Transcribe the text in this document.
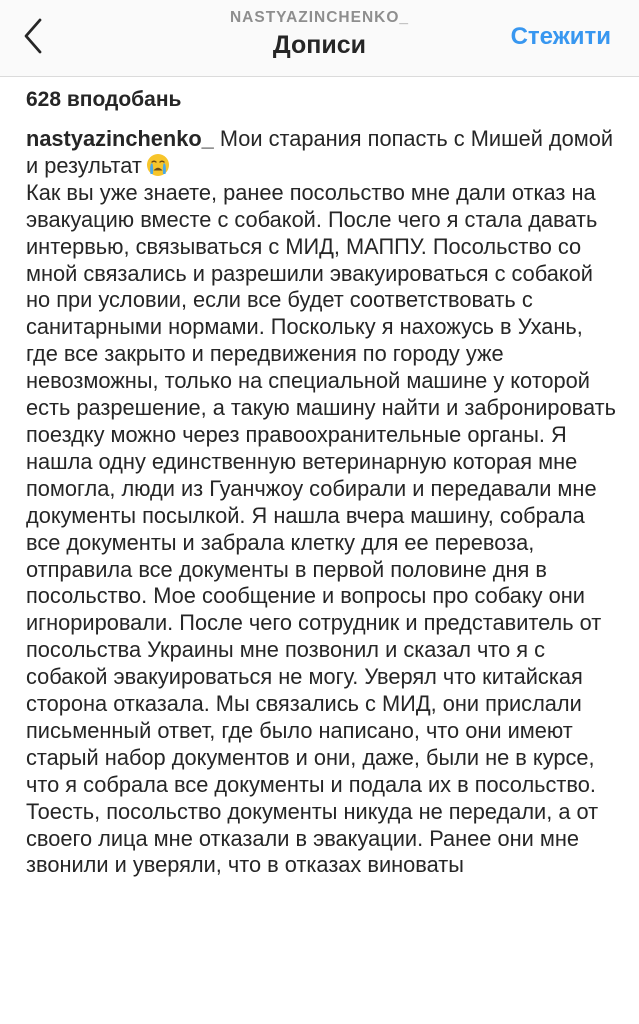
NASTYAZINCHENKO_
Дописи	Стежити
628 вподобань

nastyazinchenko_ Мои старания попасть с Мишей домой и результат

Как вы уже знаете, ранее посольство мне дали отказ на эвакуацию вместе с собакой. После чего я стала давать интервью, связываться с МИД, МАППУ. Посольство со мной связались и разрешили эвакуироваться с собакой но при условии, если все будет соответствовать с санитарными нормами. Поскольку я нахожусь в Ухань, где все закрыто и передвижения по городу уже невозможны, только на специальной машине у которой есть разрешение, а такую машину найти и забронировать поездку можно через правоохранительные органы. Я нашла одну единственную ветеринарную которая мне помогла, люди из Гуанчжоу собирали и передавали мне документы посылкой. Я нашла вчера машину, собрала все документы и забрала клетку для ее перевоза, отправила все документы в первой половине дня в посольство. Мое сообщение и вопросы про собаку они игнорировали. После чего сотрудник и представитель от посольства Украины мне позвонил и сказал что я с собакой эвакуироваться не могу. Уверял что китайская сторона отказала. Мы связались с МИД, они прислали письменный ответ, где было написано, что они имеют старый набор документов и они, даже, были не в курсе, что я собрала все документы и подала их в посольство. Тоесть, посольство документы никуда не передали, а от своего лица мне отказали в эвакуации. Ранее они мне звонили и уверяли, что в отказах виноваты
